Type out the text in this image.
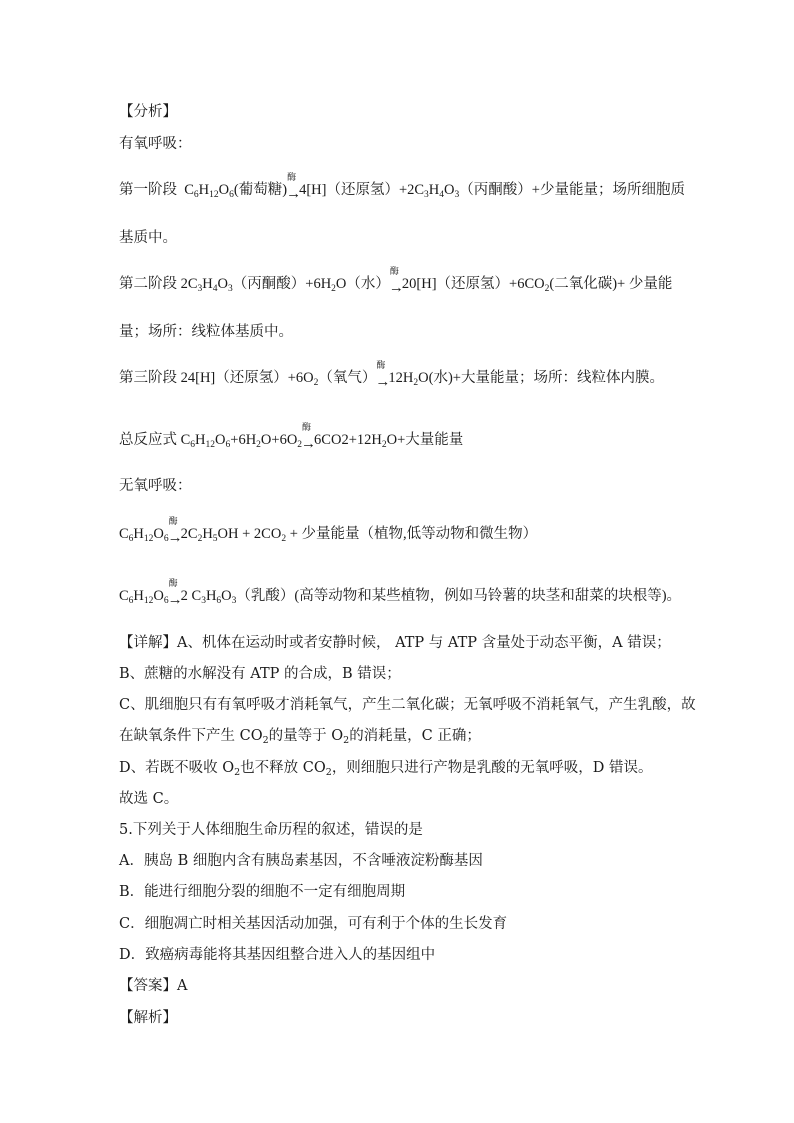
【分析】
有氧呼吸：
第一阶段 $C_6H_{12}O_6$(葡萄糖)
酶
→
4[H]（还原氢）$+2C_3H_4O_3$（丙酮酸）+少量能量；场所细胞质
基质中。
第二阶段 $2C_3H_4O_3$（丙酮酸）$+6H_2O$（水）
酶
→
20[H]（还原氢）$+6CO_2$(二氧化碳)+ 少量能
量；场所：线粒体基质中。
第三阶段 24[H]（还原氢）$+6O_2$（氧气）
酶
→
$12H_2O$(水)+大量能量；场所：线粒体内膜。
总反应式 $C_6H_{12}O_6+6H_2O+6O_2$
酶
→
$6CO2+12H_2O+$大量能量
无氧呼吸：
$C_6H_{12}O_6$
酶
→
$2C_2H_5OH + 2CO_2$ + 少量能量（植物,低等动物和微生物）
$C_6H_{12}O_6$
酶
→
2 $C_3H_6O_3$（乳酸）(高等动物和某些植物，例如马铃薯的块茎和甜菜的块根等)。
【详解】A、机体在运动时或者安静时候， ATP 与 ATP 含量处于动态平衡，A 错误；
B、蔗糖的水解没有 ATP 的合成，B 错误；
C、肌细胞只有有氧呼吸才消耗氧气，产生二氧化碳；无氧呼吸不消耗氧气，产生乳酸，故
在缺氧条件下产生 $CO_2$的量等于 $O_2$的消耗量，C 正确；
D、若既不吸收 $O_2$也不释放 $CO_2$，则细胞只进行产物是乳酸的无氧呼吸，D 错误。
故选 C。
5.下列关于人体细胞生命历程的叙述，错误的是
A．胰岛 B 细胞内含有胰岛素基因，不含唾液淀粉酶基因
B．能进行细胞分裂的细胞不一定有细胞周期
C．细胞凋亡时相关基因活动加强，可有利于个体的生长发育
D．致癌病毒能将其基因组整合进入人的基因组中
【答案】A
【解析】
